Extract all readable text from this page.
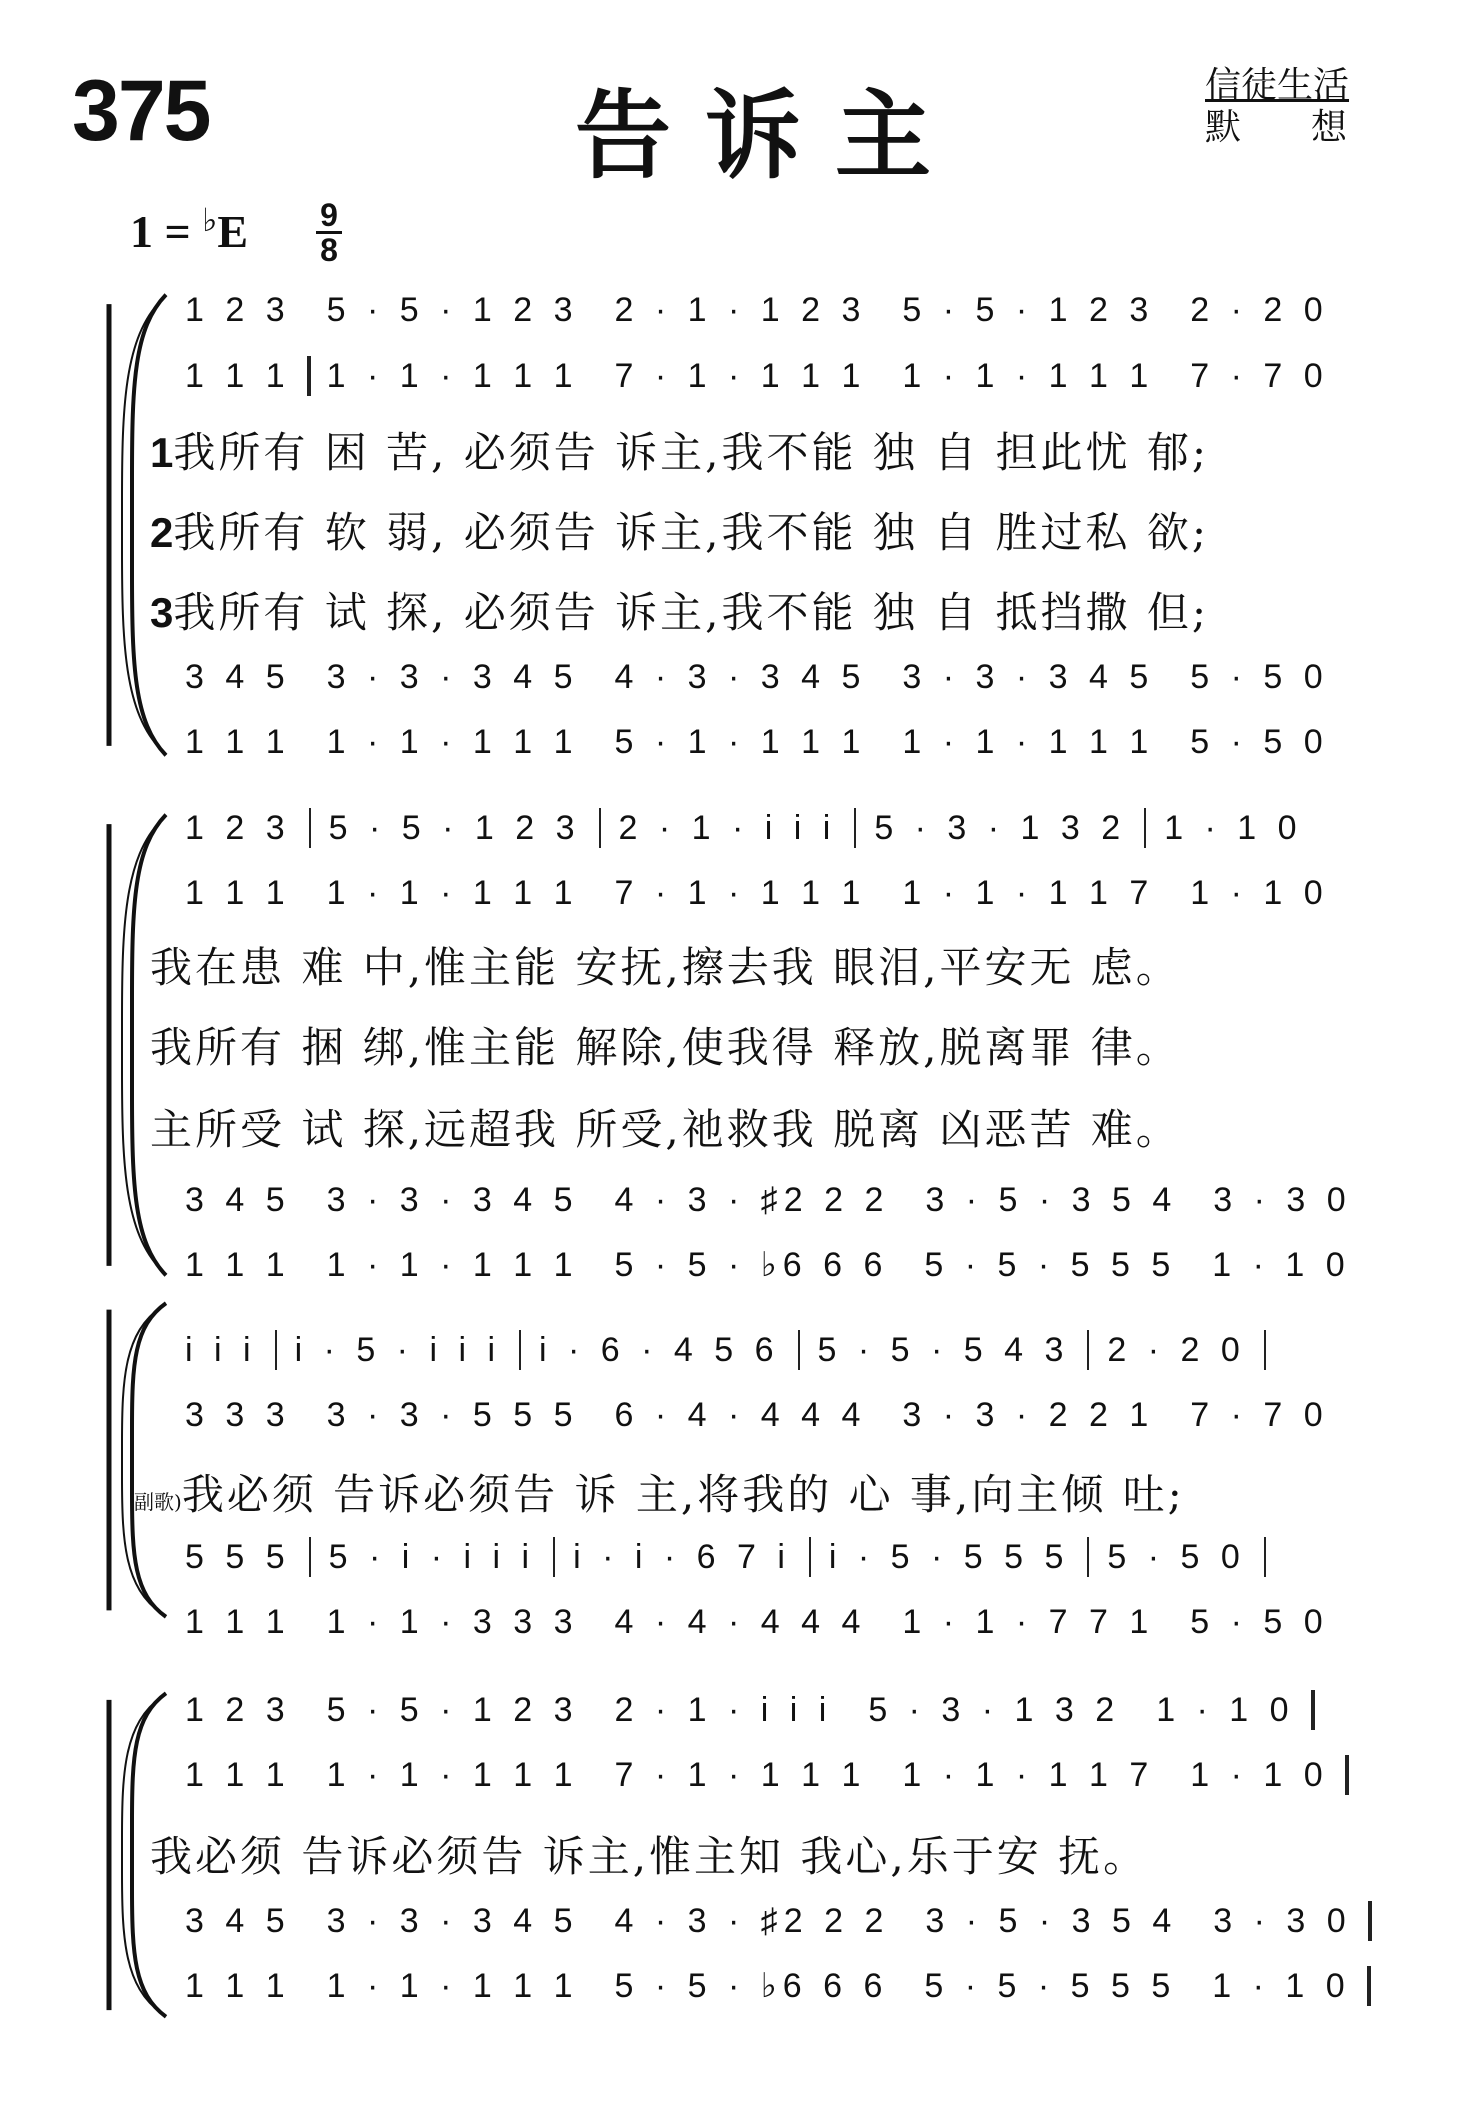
375	告诉主	信徒生活
默 想
1 = ♭E 9
8
1 2 3 5 · 5 · 1 2 3 2 · 1 · 1 2 3 5 · 5 · 1 2 3 2 · 2 0
1 1 1 1 · 1 · 1 1 1 7 · 1 · 1 1 1 1 · 1 · 1 1 1 7 · 7 0
3 4 5 3 · 3 · 3 4 5 4 · 3 · 3 4 5 3 · 3 · 3 4 5 5 · 5 0
1 1 1 1 · 1 · 1 1 1 5 · 1 · 1 1 1 1 · 1 · 1 1 1 5 · 5 0
1我所有 困 苦, 必须告 诉主,我不能 独 自 担此忧 郁;
2我所有 软 弱, 必须告 诉主,我不能 独 自 胜过私 欲;
3我所有 试 探, 必须告 诉主,我不能 独 自 抵挡撒 但;
1 2 3 5 · 5 · 1 2 3 2 · 1 · i i i 5 · 3 · 1 3 2 1 · 1 0
1 1 1 1 · 1 · 1 1 1 7 · 1 · 1 1 1 1 · 1 · 1 1 7 1 · 1 0
3 4 5 3 · 3 · 3 4 5 4 · 3 · ♯2 2 2 3 · 5 · 3 5 4 3 · 3 0
1 1 1 1 · 1 · 1 1 1 5 · 5 · ♭6 6 6 5 · 5 · 5 5 5 1 · 1 0
我在患 难 中,惟主能 安抚,擦去我 眼泪,平安无 虑。
我所有 捆 绑,惟主能 解除,使我得 释放,脱离罪 律。
主所受 试 探,远超我 所受,祂救我 脱离 凶恶苦 难。
i i i i · 5 · i i i i · 6 · 4 5 6 5 · 5 · 5 4 3 2 · 2 0
3 3 3 3 · 3 · 5 5 5 6 · 4 · 4 4 4 3 · 3 · 2 2 1 7 · 7 0
5 5 5 5 · i · i i i i · i · 6 7 i i · 5 · 5 5 5 5 · 5 0
1 1 1 1 · 1 · 3 3 3 4 · 4 · 4 4 4 1 · 1 · 7 7 1 5 · 5 0
副歌)我必须 告诉必须告 诉 主,将我的 心 事,向主倾 吐;
1 2 3 5 · 5 · 1 2 3 2 · 1 · i i i 5 · 3 · 1 3 2 1 · 1 0
1 1 1 1 · 1 · 1 1 1 7 · 1 · 1 1 1 1 · 1 · 1 1 7 1 · 1 0
3 4 5 3 · 3 · 3 4 5 4 · 3 · ♯2 2 2 3 · 5 · 3 5 4 3 · 3 0
1 1 1 1 · 1 · 1 1 1 5 · 5 · ♭6 6 6 5 · 5 · 5 5 5 1 · 1 0
我必须 告诉必须告 诉主,惟主知 我心,乐于安 抚。
